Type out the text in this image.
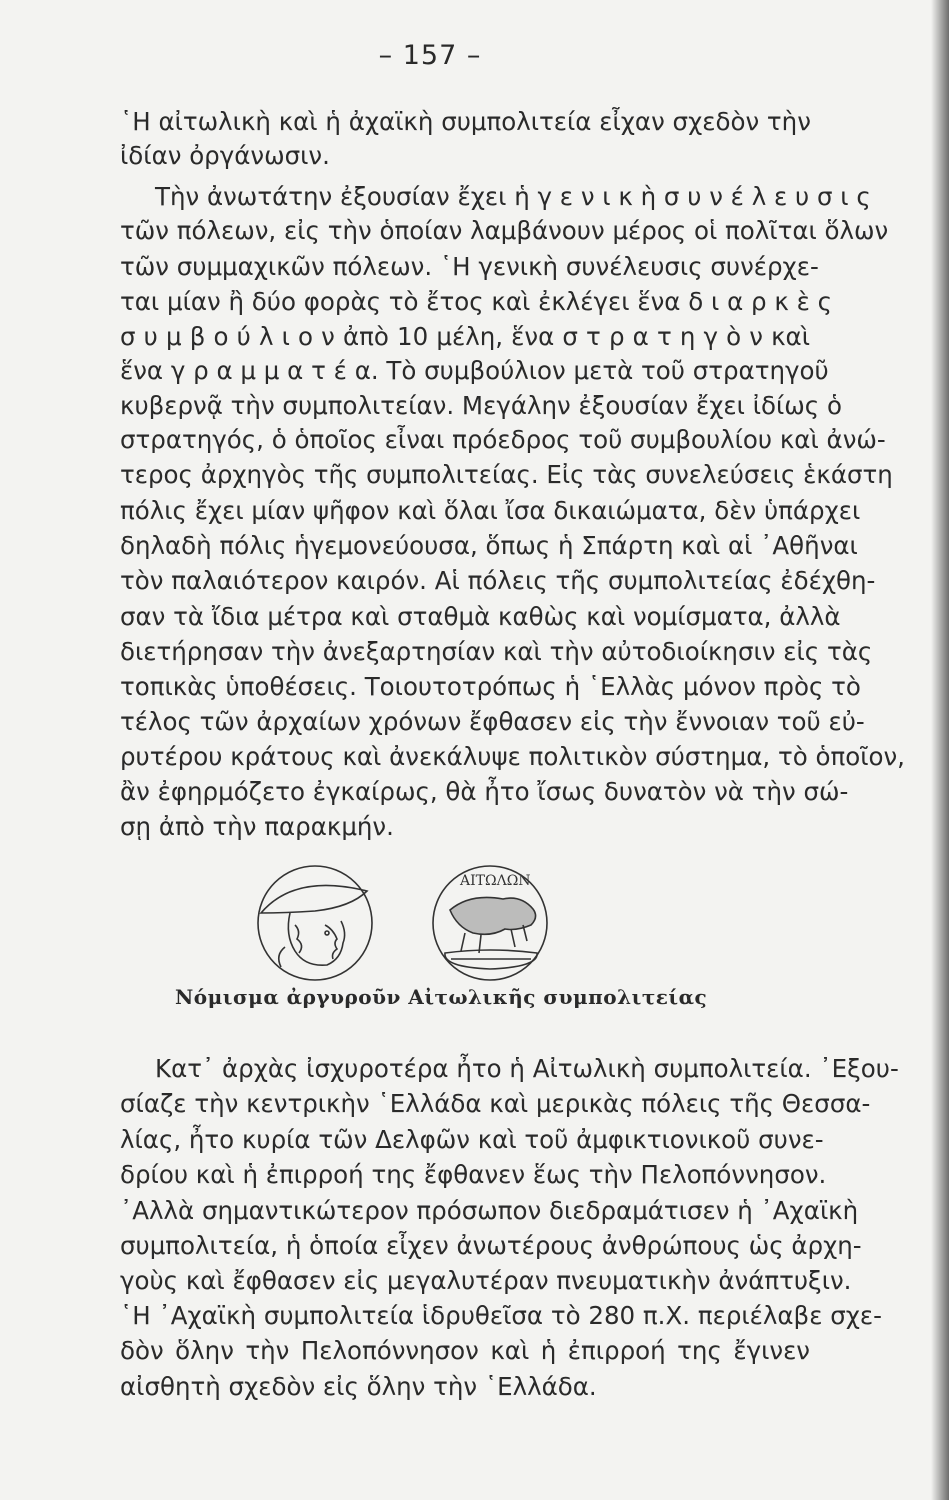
– 157 –
῾Η αἰτωλικὴ καὶ ἡ ἀχαϊκὴ συμπολιτεία εἶχαν σχεδὸν τὴν
ἰδίαν ὀργάνωσιν.
Τὴν ἀνωτάτην ἐξουσίαν ἔχει ἡ γ ε ν ι κ ὴ σ υ ν έ λ ε υ σ ι ς
τῶν πόλεων, εἰς τὴν ὁποίαν λαμβάνουν μέρος οἱ πολῖται ὅλων
τῶν συμμαχικῶν πόλεων. ῾Η γενικὴ συνέλευσις συνέρχε-
ται μίαν ἢ δύο φορὰς τὸ ἔτος καὶ ἐκλέγει ἕνα δ ι α ρ κ ὲ ς
σ υ μ β ο ύ λ ι ο ν ἀπὸ 10 μέλη, ἕνα σ τ ρ α τ η γ ὸ ν καὶ
ἕνα γ ρ α μ μ α τ έ α. Τὸ συμβούλιον μετὰ τοῦ στρατηγοῦ
κυβερνᾷ τὴν συμπολιτείαν. Μεγάλην ἐξουσίαν ἔχει ἰδίως ὁ
στρατηγός, ὁ ὁποῖος εἶναι πρόεδρος τοῦ συμβουλίου καὶ ἀνώ-
τερος ἀρχηγὸς τῆς συμπολιτείας. Εἰς τὰς συνελεύσεις ἑκάστη
πόλις ἔχει μίαν ψῆφον καὶ ὅλαι ἴσα δικαιώματα, δὲν ὑπάρχει
δηλαδὴ πόλις ἡγεμονεύουσα, ὅπως ἡ Σπάρτη καὶ αἱ ᾿Αθῆναι
τὸν παλαιότερον καιρόν. Αἱ πόλεις τῆς συμπολιτείας ἐδέχθη-
σαν τὰ ἴδια μέτρα καὶ σταθμὰ καθὼς καὶ νομίσματα, ἀλλὰ
διετήρησαν τὴν ἀνεξαρτησίαν καὶ τὴν αὐτοδιοίκησιν εἰς τὰς
τοπικὰς ὑποθέσεις. Τοιουτοτρόπως ἡ ῾Ελλὰς μόνον πρὸς τὸ
τέλος τῶν ἀρχαίων χρόνων ἔφθασεν εἰς τὴν ἔννοιαν τοῦ εὐ-
ρυτέρου κράτους καὶ ἀνεκάλυψε πολιτικὸν σύστημα, τὸ ὁποῖον,
ἂν ἐφηρμόζετο ἐγκαίρως, θὰ ἦτο ἴσως δυνατὸν νὰ τὴν σώ-
σῃ ἀπὸ τὴν παρακμήν.
ΑΙΤΩΛΩΝ
Νόμισμα ἀργυροῦν Αἰτωλικῆς συμπολιτείας
Κατ᾿ ἀρχὰς ἰσχυροτέρα ἦτο ἡ Αἰτωλικὴ συμπολιτεία. ᾿Εξου-
σίαζε τὴν κεντρικὴν ῾Ελλάδα καὶ μερικὰς πόλεις τῆς Θεσσα-
λίας, ἦτο κυρία τῶν Δελφῶν καὶ τοῦ ἀμφικτιονικοῦ συνε-
δρίου καὶ ἡ ἐπιρροή της ἔφθανεν ἕως τὴν Πελοπόννησον.
᾿Αλλὰ σημαντικώτερον πρόσωπον διεδραμάτισεν ἡ ᾿Αχαϊκὴ
συμπολιτεία, ἡ ὁποία εἶχεν ἀνωτέρους ἀνθρώπους ὡς ἀρχη-
γοὺς καὶ ἔφθασεν εἰς μεγαλυτέραν πνευματικὴν ἀνάπτυξιν.
῾Η ᾿Αχαϊκὴ συμπολιτεία ἱδρυθεῖσα τὸ 280 π.Χ. περιέλαβε σχε-
δὸν ὅλην τὴν Πελοπόννησον καὶ ἡ ἐπιρροή της ἔγινεν
αἰσθητὴ σχεδὸν εἰς ὅλην τὴν ῾Ελλάδα.
